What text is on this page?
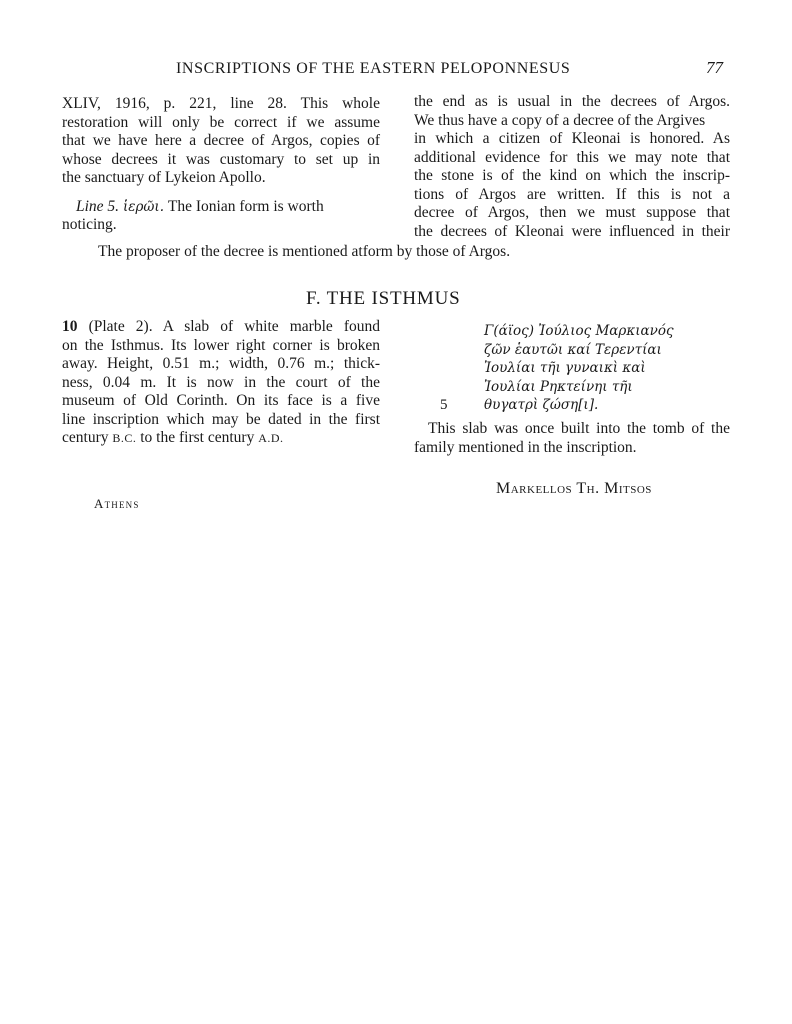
INSCRIPTIONS OF THE EASTERN PELOPONNESUS	77
XLIV, 1916, p. 221, line 28. This whole
restoration will only be correct if we assume
that we have here a decree of Argos, copies of
whose decrees it was customary to set up in
the sanctuary of Lykeion Apollo.
Line 5. ἱερῶι. The Ionian form is worth
noticing.
the end as is usual in the decrees of Argos.
We thus have a copy of a decree of the Argives
in which a citizen of Kleonai is honored. As
additional evidence for this we may note that
the stone is of the kind on which the inscrip-
tions of Argos are written. If this is not a
decree of Argos, then we must suppose that
the decrees of Kleonai were influenced in their
The proposer of the decree is mentioned atform by those of Argos.
F. THE ISTHMUS
10 (Plate 2). A slab of white marble found
on the Isthmus. Its lower right corner is broken
away. Height, 0.51 m.; width, 0.76 m.; thick-
ness, 0.04 m. It is now in the court of the
museum of Old Corinth. On its face is a five
line inscription which may be dated in the first
century B.C. to the first century A.D.
Γ(άϊος) Ἰούλιος Μαρκιανός
ζῶν ἑαυτῶι καί Τερεντίαι
Ἰουλίαι τῆι γυναικὶ καὶ
Ἰουλίαι Ρηκτείνηι τῆι
5	θυγατρὶ ζώση[ι].
This slab was once built into the tomb of the
family mentioned in the inscription.
Markellos Th. Mitsos
Athens
